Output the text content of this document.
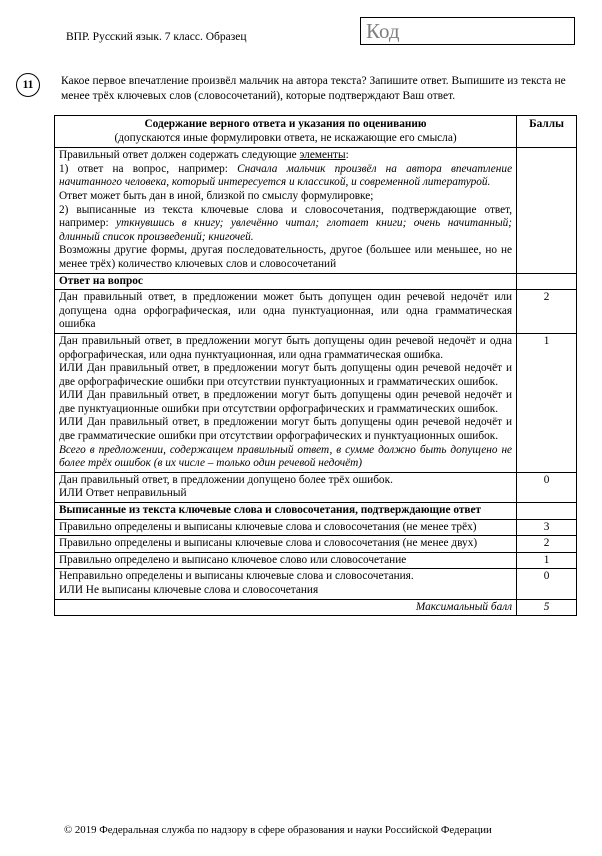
ВПР. Русский язык. 7 класс. Образец	Код
11	Какое первое впечатление произвёл мальчик на автора текста? Запишите ответ. Выпишите из текста не менее трёх ключевых слов (словосочетаний), которые подтверждают Ваш ответ.
Содержание верного ответа и указания по оцениванию
(допускаются иные формулировки ответа, не искажающие его смысла)	Баллы

Правильный ответ должен содержать следующие элементы:
1) ответ на вопрос, например: Сначала мальчик произвёл на автора впечатление начитанного человека, который интересуется и классикой, и современной литературой.
Ответ может быть дан в иной, близкой по смыслу формулировке;
2) выписанные из текста ключевые слова и словосочетания, подтверждающие ответ, например: уткнувшись в книгу; увлечённо читал; глотает книги; очень начитанный; длинный список произведений; книгочей.
Возможны другие формы, другая последовательность, другое (большее или меньшее, но не менее трёх) количество ключевых слов и словосочетаний	

Ответ на вопрос	
Дан правильный ответ, в предложении может быть допущен один речевой недочёт или допущена одна орфографическая, или одна пунктуационная, или одна грамматическая ошибка	2

Дан правильный ответ, в предложении могут быть допущены один речевой недочёт и одна орфографическая, или одна пунктуационная, или одна грамматическая ошибка.
ИЛИ Дан правильный ответ, в предложении могут быть допущены один речевой недочёт и две орфографические ошибки при отсутствии пунктуационных и грамматических ошибок.
ИЛИ Дан правильный ответ, в предложении могут быть допущены один речевой недочёт и две пунктуационные ошибки при отсутствии орфографических и грамматических ошибок.
ИЛИ Дан правильный ответ, в предложении могут быть допущены один речевой недочёт и две грамматические ошибки при отсутствии орфографических и пунктуационных ошибок.
Всего в предложении, содержащем правильный ответ, в сумме должно быть допущено не более трёх ошибок (в их числе – только один речевой недочёт)	1

Дан правильный ответ, в предложении допущено более трёх ошибок.
ИЛИ Ответ неправильный	0
Выписанные из текста ключевые слова и словосочетания, подтверждающие ответ	
Правильно определены и выписаны ключевые слова и словосочетания (не менее трёх)	3
Правильно определены и выписаны ключевые слова и словосочетания (не менее двух)	2
Правильно определено и выписано ключевое слово или словосочетание	1

Неправильно определены и выписаны ключевые слова и словосочетания.
ИЛИ Не выписаны ключевые слова и словосочетания	0
Максимальный балл	5
© 2019 Федеральная служба по надзору в сфере образования и науки Российской Федерации
